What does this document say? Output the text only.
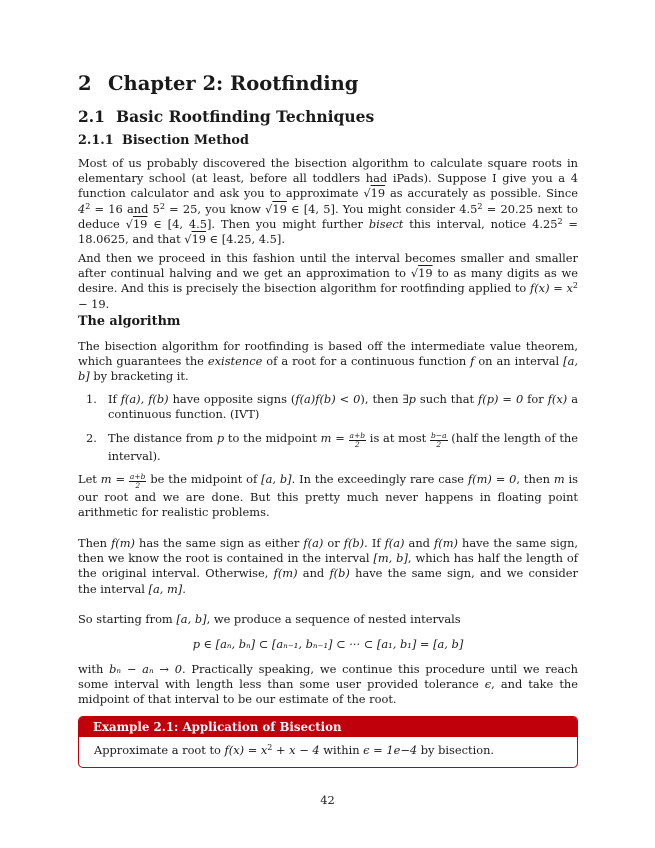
2 Chapter 2: Rootfinding
2.1 Basic Rootfinding Techniques
2.1.1 Bisection Method

Most of us probably discovered the bisection algorithm to calculate square roots in elementary school (at least, before all toddlers had iPads). Suppose I give you a 4 function calculator and ask you to approximate √ 19 as accurately as possible. Since $4^2 = 16$ and $5^2 = 25$, you know √ 19 ∈ [4, 5]. You might consider $4.5^2 = 20.25$ next to deduce √ 19 ∈ [4, 4.5]. Then you might further bisect this interval, notice $4.25^2 = 18.0625$, and that √ 19 ∈ [4.25, 4.5].

And then we proceed in this fashion until the interval becomes smaller and smaller after continual halving and we get an approximation to √ 19 to as many digits as we desire. And this is precisely the bisection algorithm for rootfinding applied to $f(x) = x^2 - 19$.

The algorithm

The bisection algorithm for rootfinding is based off the intermediate value theorem, which guarantees the existence of a root for a continuous function f on an interval [a, b] by bracketing it.

1. If f(a), f(b) have opposite signs (f(a)f(b) < 0), then ∃p such that f(p) = 0 for f(x) a continuous function. (IVT)
2. The distance from p to the midpoint $m = \frac{a+b}{2}$ is at most $\frac{b-a}{2}$ (half the length of the interval).

Let $m = \frac{a+b}{2}$ be the midpoint of [a, b]. In the exceedingly rare case f(m) = 0, then m is our root and we are done. But this pretty much never happens in floating point arithmetic for realistic problems.

Then f(m) has the same sign as either f(a) or f(b). If f(a) and f(m) have the same sign, then we know the root is contained in the interval [m, b], which has half the length of the original interval. Otherwise, f(m) and f(b) have the same sign, and we consider the interval [a, m].

So starting from [a, b], we produce a sequence of nested intervals

p ∈ [aₙ, bₙ] ⊂ [aₙ₋₁, bₙ₋₁] ⊂ ··· ⊂ [a₁, b₁] = [a, b]

with bₙ − aₙ → 0. Practically speaking, we continue this procedure until we reach some interval with length less than some user provided tolerance ϵ, and take the midpoint of that interval to be our estimate of the root.

Example 2.1: Application of Bisection
Approximate a root to $f(x) = x^2 + x - 4$ within ϵ = 1e−4 by bisection.
42
